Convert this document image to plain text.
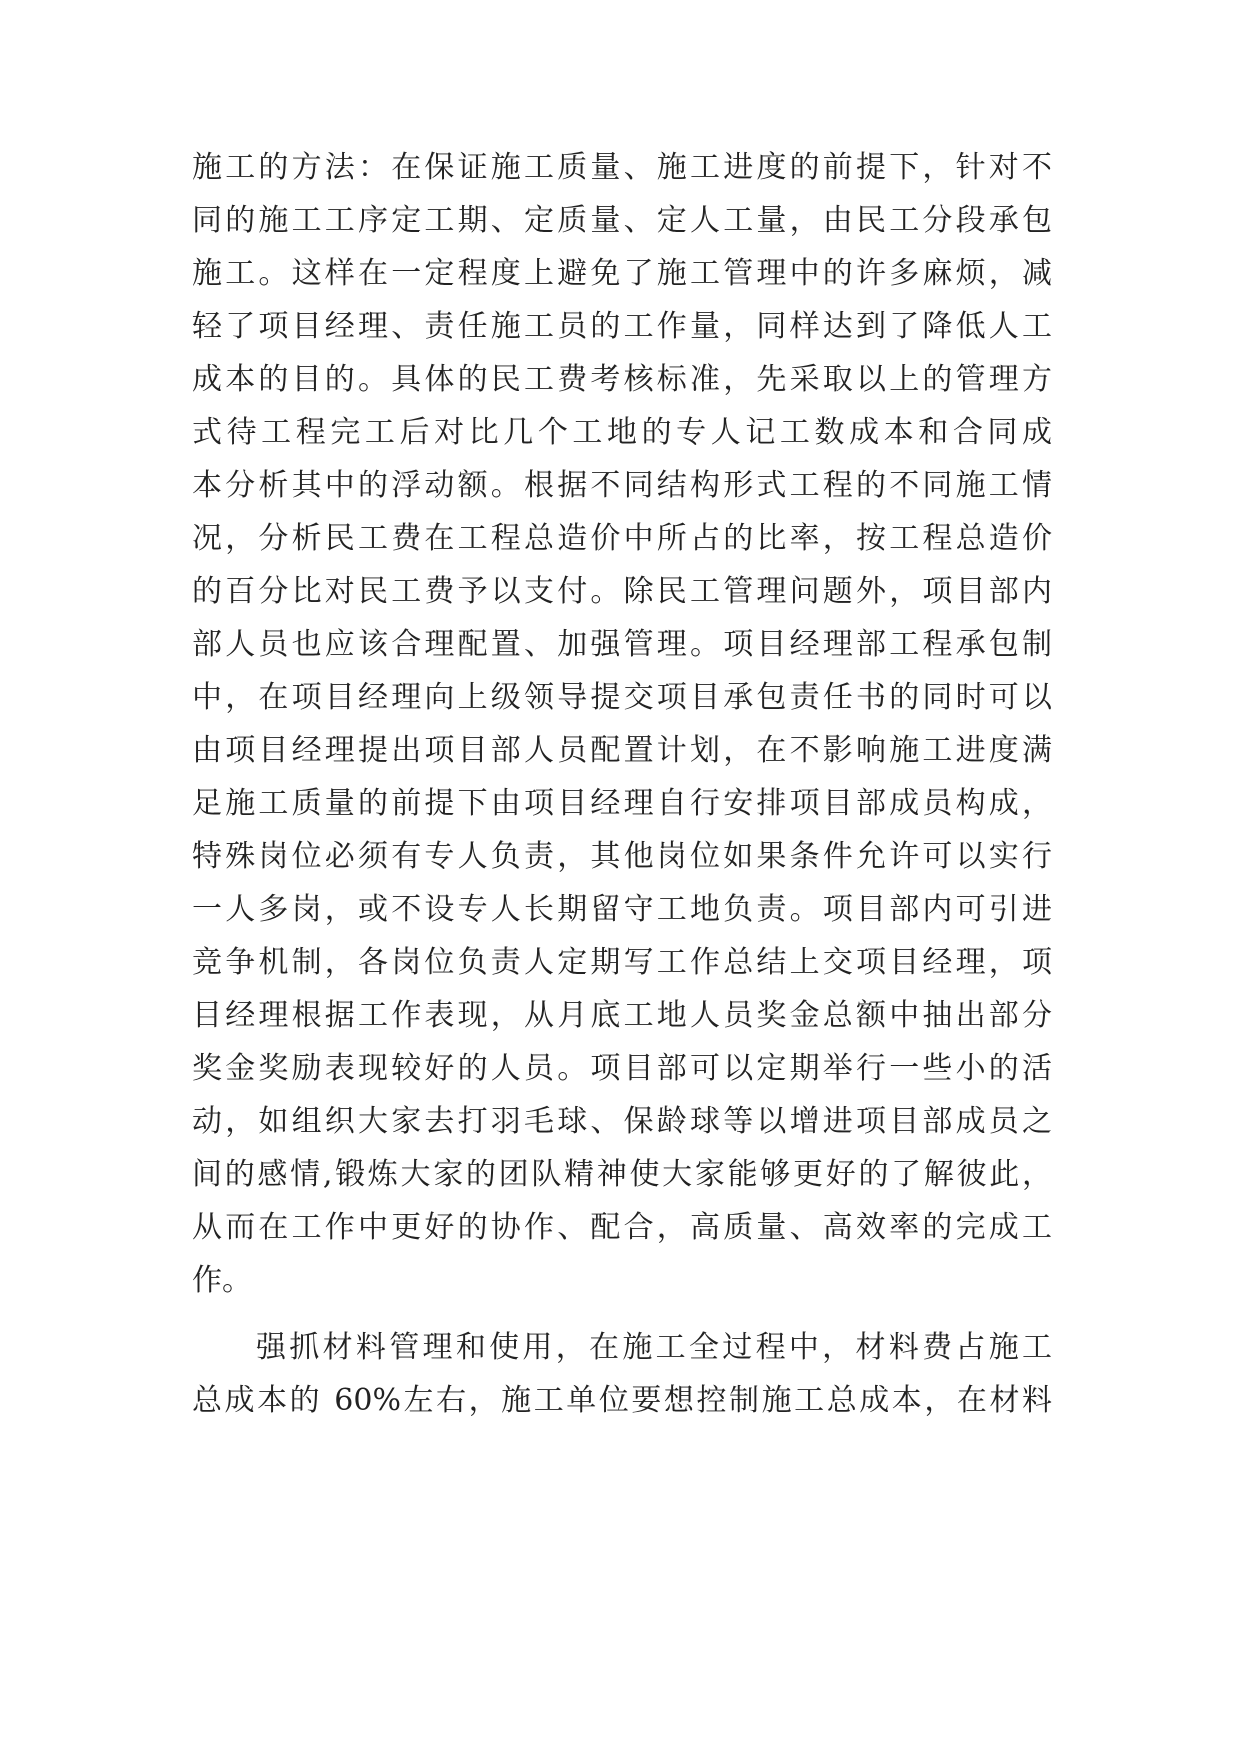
施工的方法：在保证施工质量、施工进度的前提下，针对不
同的施工工序定工期、定质量、定人工量，由民工分段承包
施工。这样在一定程度上避免了施工管理中的许多麻烦，减
轻了项目经理、责任施工员的工作量，同样达到了降低人工
成本的目的。具体的民工费考核标准，先采取以上的管理方
式待工程完工后对比几个工地的专人记工数成本和合同成
本分析其中的浮动额。根据不同结构形式工程的不同施工情
况，分析民工费在工程总造价中所占的比率，按工程总造价
的百分比对民工费予以支付。除民工管理问题外，项目部内
部人员也应该合理配置、加强管理。项目经理部工程承包制
中，在项目经理向上级领导提交项目承包责任书的同时可以
由项目经理提出项目部人员配置计划，在不影响施工进度满
足施工质量的前提下由项目经理自行安排项目部成员构成，
特殊岗位必须有专人负责，其他岗位如果条件允许可以实行
一人多岗，或不设专人长期留守工地负责。项目部内可引进
竞争机制，各岗位负责人定期写工作总结上交项目经理，项
目经理根据工作表现，从月底工地人员奖金总额中抽出部分
奖金奖励表现较好的人员。项目部可以定期举行一些小的活
动，如组织大家去打羽毛球、保龄球等以增进项目部成员之
间的感情,锻炼大家的团队精神使大家能够更好的了解彼此，
从而在工作中更好的协作、配合，高质量、高效率的完成工
作。
强抓材料管理和使用，在施工全过程中，材料费占施工
总成本的 60%左右，施工单位要想控制施工总成本，在材料
